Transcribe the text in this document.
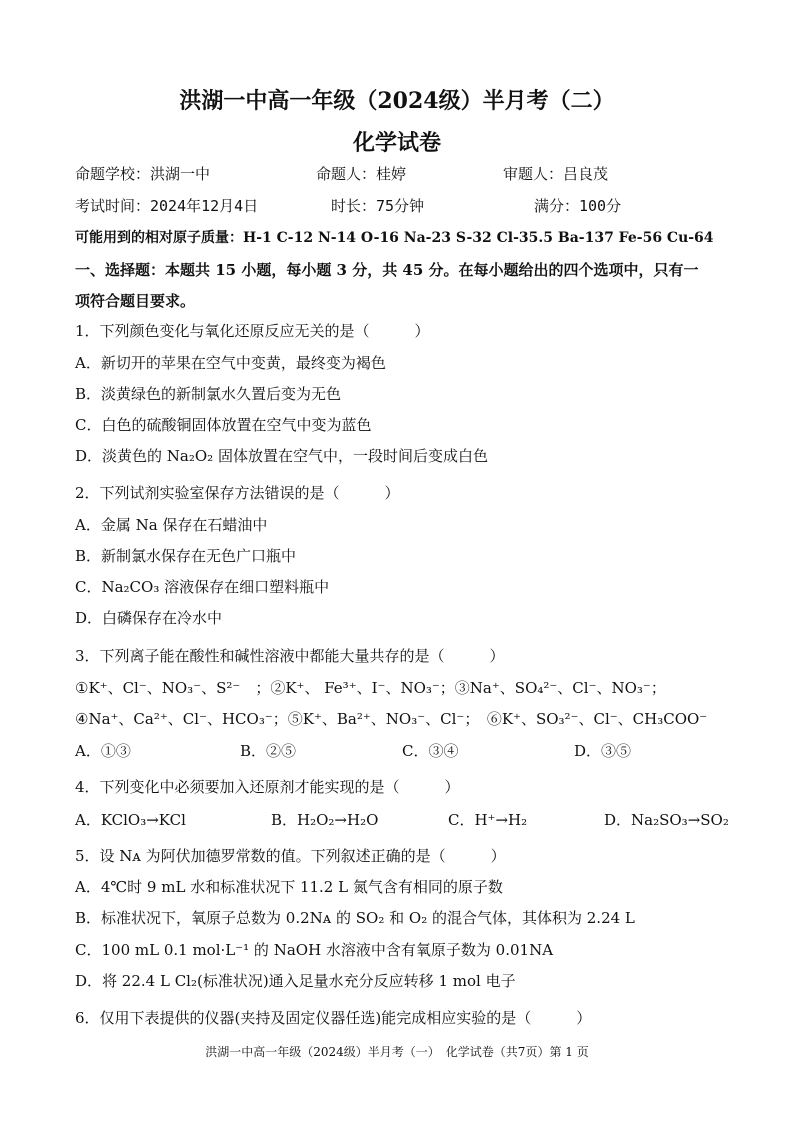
洪湖一中高一年级（2024级）半月考（二）
化学试卷
命题学校：洪湖一中	命题人：桂婷	审题人：吕良茂
考试时间：2024年12月4日	时长：75分钟	满分：100分
可能用到的相对原子质量：H-1 C-12 N-14 O-16 Na-23 S-32 Cl-35.5 Ba-137 Fe-56 Cu-64
一、选择题：本题共 15 小题，每小题 3 分，共 45 分。在每小题给出的四个选项中，只有一
项符合题目要求。
1．下列颜色变化与氧化还原反应无关的是（　　　）
A．新切开的苹果在空气中变黄，最终变为褐色
B．淡黄绿色的新制氯水久置后变为无色
C．白色的硫酸铜固体放置在空气中变为蓝色
D．淡黄色的 Na₂O₂ 固体放置在空气中，一段时间后变成白色
2．下列试剂实验室保存方法错误的是（　　　）
A．金属 Na 保存在石蜡油中
B．新制氯水保存在无色广口瓶中
C．Na₂CO₃ 溶液保存在细口塑料瓶中
D．白磷保存在冷水中
3．下列离子能在酸性和碱性溶液中都能大量共存的是（　　　）
①K⁺、Cl⁻、NO₃⁻、S²⁻　；②K⁺、 Fe³⁺、I⁻、NO₃⁻；③Na⁺、SO₄²⁻、Cl⁻、NO₃⁻；
④Na⁺、Ca²⁺、Cl⁻、HCO₃⁻；⑤K⁺、Ba²⁺、NO₃⁻、Cl⁻；　⑥K⁺、SO₃²⁻、Cl⁻、CH₃COO⁻
A．①③	B．②⑤	C．③④	D．③⑤
4．下列变化中必须要加入还原剂才能实现的是（　　　）
A．KClO₃→KCl	B．H₂O₂→H₂O	C．H⁺→H₂	D．Na₂SO₃→SO₂
5．设 Nᴀ 为阿伏加德罗常数的值。下列叙述正确的是（　　　）
A．4℃时 9 mL 水和标准状况下 11.2 L 氮气含有相同的原子数
B．标准状况下，氧原子总数为 0.2Nᴀ 的 SO₂ 和 O₂ 的混合气体，其体积为 2.24 L
C．100 mL 0.1 mol·L⁻¹ 的 NaOH 水溶液中含有氧原子数为 0.01NA
D．将 22.4 L Cl₂(标准状况)通入足量水充分反应转移 1 mol 电子
6．仅用下表提供的仪器(夹持及固定仪器任选)能完成相应实验的是（　　　）
洪湖一中高一年级（2024级）半月考（一）　化学试卷（共7页）第 1 页
